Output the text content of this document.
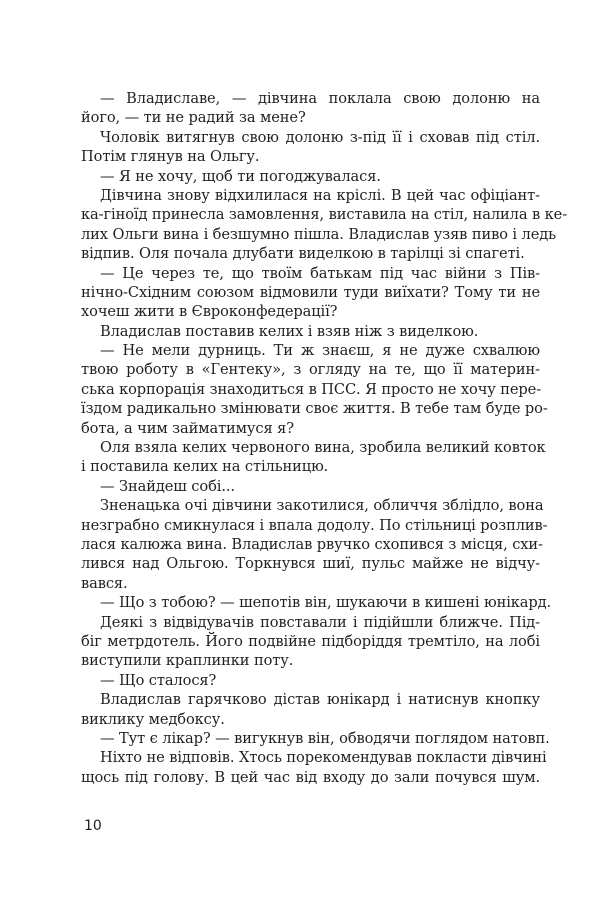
— Владиславе, — дівчина поклала свою долоню на
його, — ти не радий за мене?
Чоловік витягнув свою долоню з-під її і сховав під стіл.
Потім глянув на Ольгу.
— Я не хочу, щоб ти погоджувалася.
Дівчина знову відхилилася на кріслі. В цей час офіціант-
ка-гіноїд принесла замовлення, виставила на стіл, налила в ке-
лих Ольги вина і безшумно пішла. Владислав узяв пиво і ледь
відпив. Оля почала длубати виделкою в тарілці зі спагеті.
— Це через те, що твоїм батькам під час війни з Пів-
нічно-Східним союзом відмовили туди виїхати? Тому ти не
хочеш жити в Євроконфедерації?
Владислав поставив келих і взяв ніж з виделкою.
— Не мели дурниць. Ти ж знаєш, я не дуже схвалюю
твою роботу в «Гентеку», з огляду на те, що її материн-
ська корпорація знаходиться в ПСС. Я просто не хочу пере-
їздом радикально змінювати своє життя. В тебе там буде ро-
бота, а чим займатимуся я?
Оля взяла келих червоного вина, зробила великий ковток
і поставила келих на стільницю.
— Знайдеш собі...
Зненацька очі дівчини закотилися, обличчя зблідло, вона
незграбно смикнулася і впала додолу. По стільниці розплив-
лася калюжа вина. Владислав рвучко схопився з місця, схи-
лився над Ольгою. Торкнувся шиї, пульс майже не відчу-
вався.
— Що з тобою? — шепотів він, шукаючи в кишені юнікард.
Деякі з відвідувачів повставали і підійшли ближче. Під-
біг метрдотель. Його подвійне підборіддя тремтіло, на лобі
виступили краплинки поту.
— Що сталося?
Владислав гарячково дістав юнікард і натиснув кнопку
виклику медбоксу.
— Тут є лікар? — вигукнув він, обводячи поглядом натовп.
Ніхто не відповів. Хтось порекомендував покласти дівчині
щось під голову. В цей час від входу до зали почувся шум.
10
